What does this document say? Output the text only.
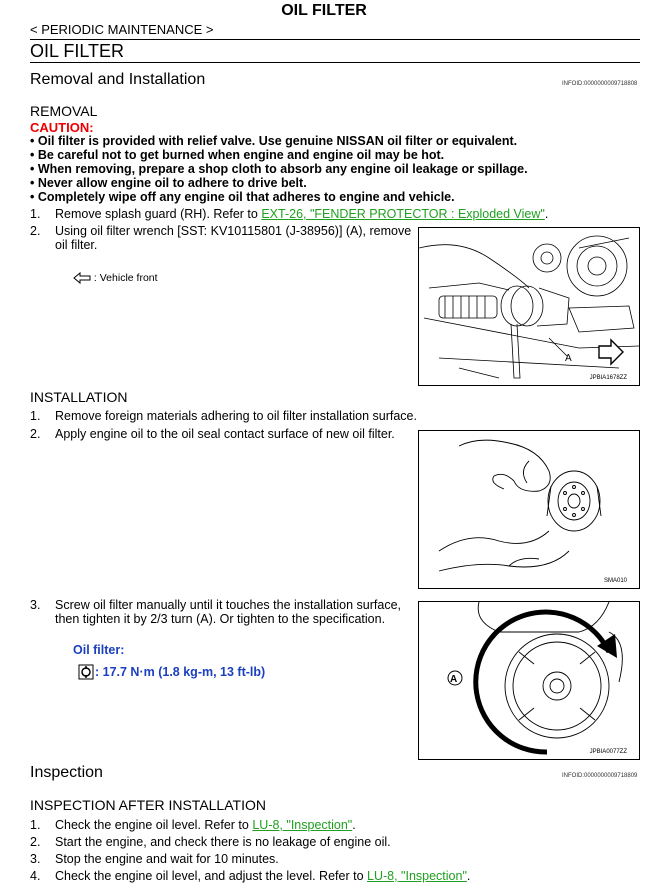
OIL FILTER
< PERIODIC MAINTENANCE >
OIL FILTER
Removal and Installation	INFOID:0000000009718808
REMOVAL
CAUTION:
• Oil filter is provided with relief valve. Use genuine NISSAN oil filter or equivalent.
• Be careful not to get burned when engine and engine oil may be hot.
• When removing, prepare a shop cloth to absorb any engine oil leakage or spillage.
• Never allow engine oil to adhere to drive belt.
• Completely wipe off any engine oil that adheres to engine and vehicle.
1. Remove splash guard (RH). Refer to EXT-26, "FENDER PROTECTOR : Exploded View".
2. Using oil filter wrench [SST: KV10115801 (J-38956)] (A), remove
oil filter.
: Vehicle front
A
JPBIA1678ZZ
INSTALLATION
1. Remove foreign materials adhering to oil filter installation surface.
2. Apply engine oil to the oil seal contact surface of new oil filter.
SMA010
3. Screw oil filter manually until it touches the installation surface,
then tighten it by 2/3 turn (A). Or tighten to the specification.
Oil filter:
: 17.7 N·m (1.8 kg-m, 13 ft-lb)
A
JPBIA0077ZZ
Inspection	INFOID:0000000009718809
INSPECTION AFTER INSTALLATION
1. Check the engine oil level. Refer to LU-8, "Inspection".
2. Start the engine, and check there is no leakage of engine oil.
3. Stop the engine and wait for 10 minutes.
4. Check the engine oil level, and adjust the level. Refer to LU-8, "Inspection".
